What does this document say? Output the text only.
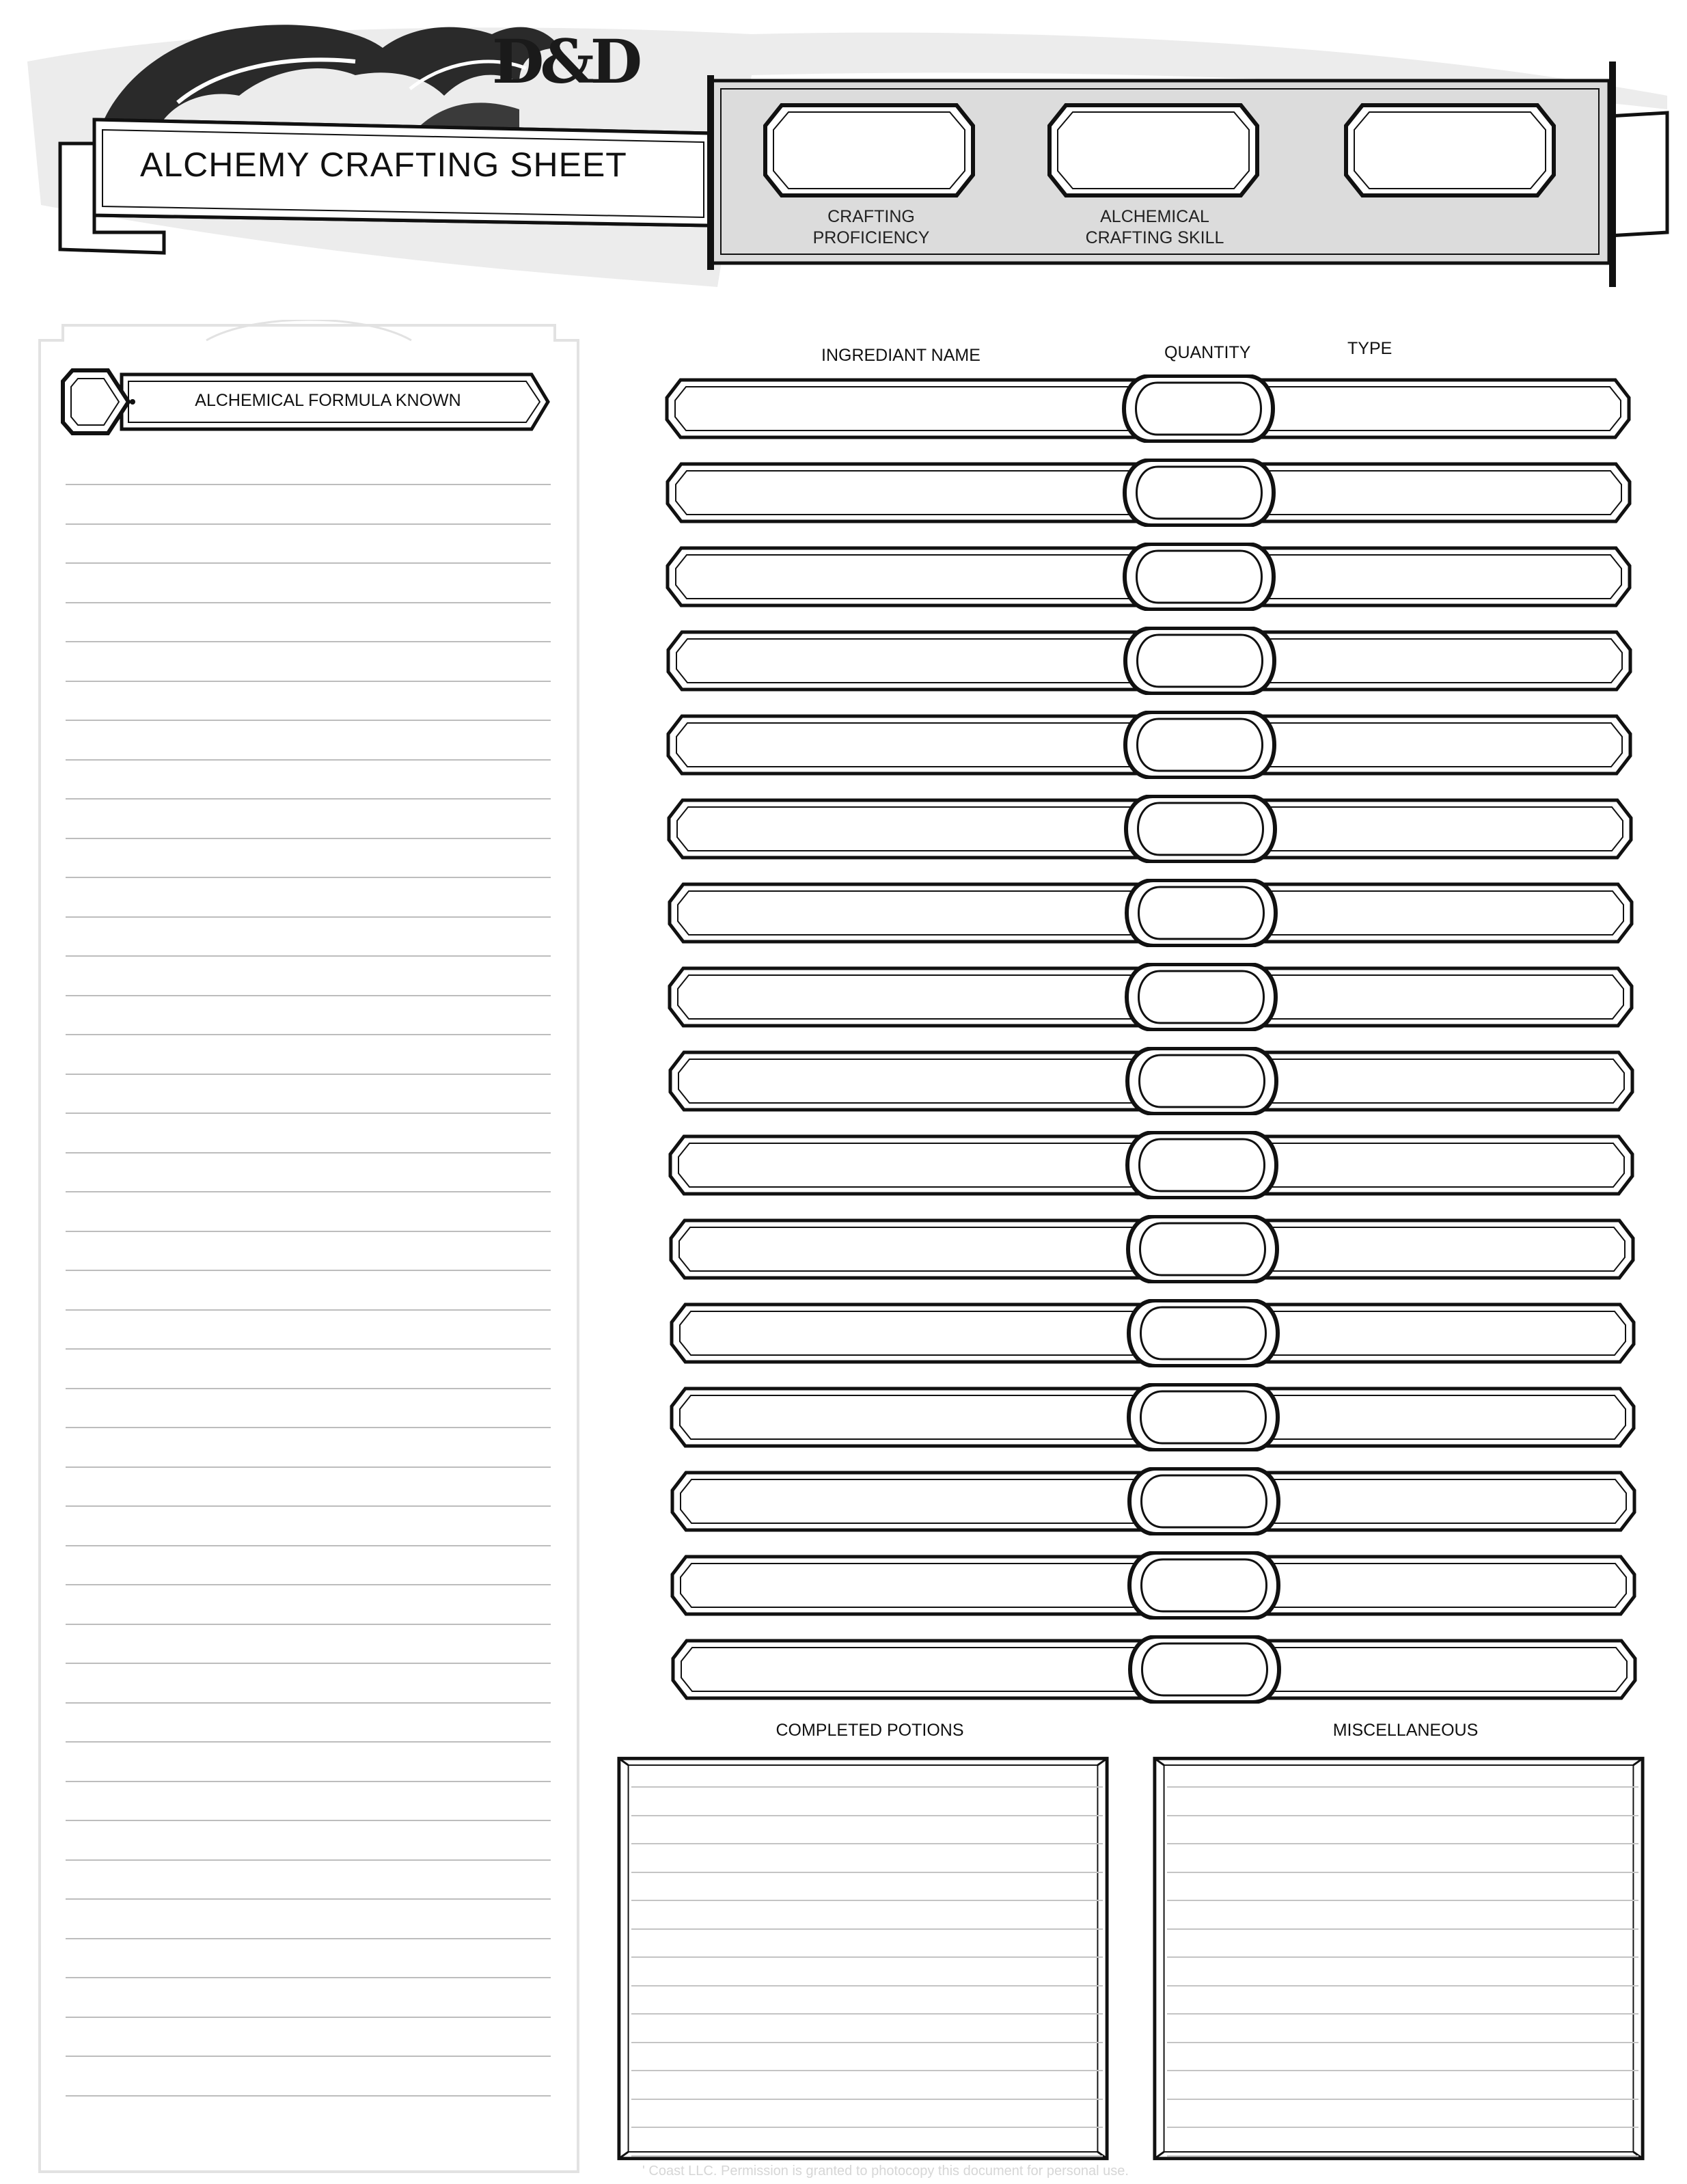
ALCHEMY CRAFTING SHEET
CRAFTING
PROFICIENCY
ALCHEMICAL
CRAFTING SKILL
D&D
ALCHEMICAL FORMULA KNOWN
INGREDIANT NAME	QUANTITY	TYPE
COMPLETED POTIONS	MISCELLANEOUS
' Coast LLC. Permission is granted to photocopy this document for personal use.
